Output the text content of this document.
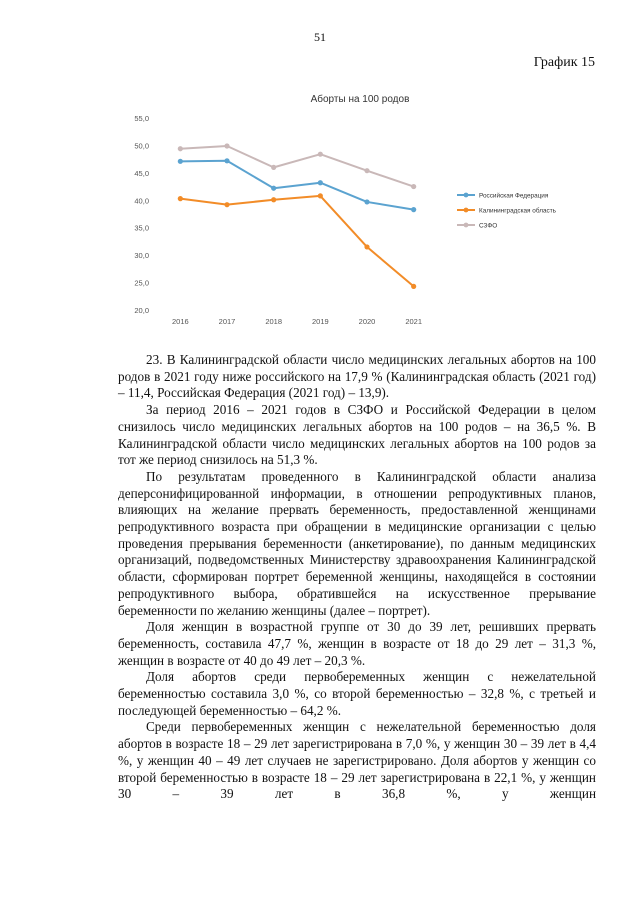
51
График 15
Аборты на 100 родов
20,0
25,0
30,0
35,0
40,0
45,0
50,0
55,0
2016	2017	2018	2019	2020	2021
Российская Федерация
Калининградская область
СЗФО

23. В Калининградской области число медицинских легальных абортов на 100 родов в 2021 году ниже российского на 17,9 % (Калининградская область (2021 год) – 11,4, Российская Федерация (2021 год) – 13,9).

За период 2016 – 2021 годов в СЗФО и Российской Федерации в целом снизилось число медицинских легальных абортов на 100 родов – на 36,5 %. В Калининградской области число медицинских легальных абортов на 100 родов за тот же период снизилось на 51,3 %.

По результатам проведенного в Калининградской области анализа деперсонифицированной информации, в отношении репродуктивных планов, влияющих на желание прервать беременность, предоставленной женщинами репродуктивного возраста при обращении в медицинские организации с целью проведения прерывания беременности (анкетирование), по данным медицинских организаций, подведомственных Министерству здравоохранения Калининградской области, сформирован портрет беременной женщины, находящейся в состоянии репродуктивного выбора, обратившейся на искусственное прерывание беременности по желанию женщины (далее – портрет).

Доля женщин в возрастной группе от 30 до 39 лет, решивших прервать беременность, составила 47,7 %, женщин в возрасте от 18 до 29 лет – 31,3 %, женщин в возрасте от 40 до 49 лет – 20,3 %.

Доля абортов среди первобеременных женщин с нежелательной беременностью составила 3,0 %, со второй беременностью – 32,8 %, с третьей и последующей беременностью – 64,2 %.

Среди первобеременных женщин с нежелательной беременностью доля абортов в возрасте 18 – 29 лет зарегистрирована в 7,0 %, у женщин 30 – 39 лет в 4,4 %, у женщин 40 – 49 лет случаев не зарегистрировано. Доля абортов у женщин со второй беременностью в возрасте 18 – 29 лет зарегистрирована в 22,1 %, у женщин 30 – 39 лет в 36,8 %, у женщин
